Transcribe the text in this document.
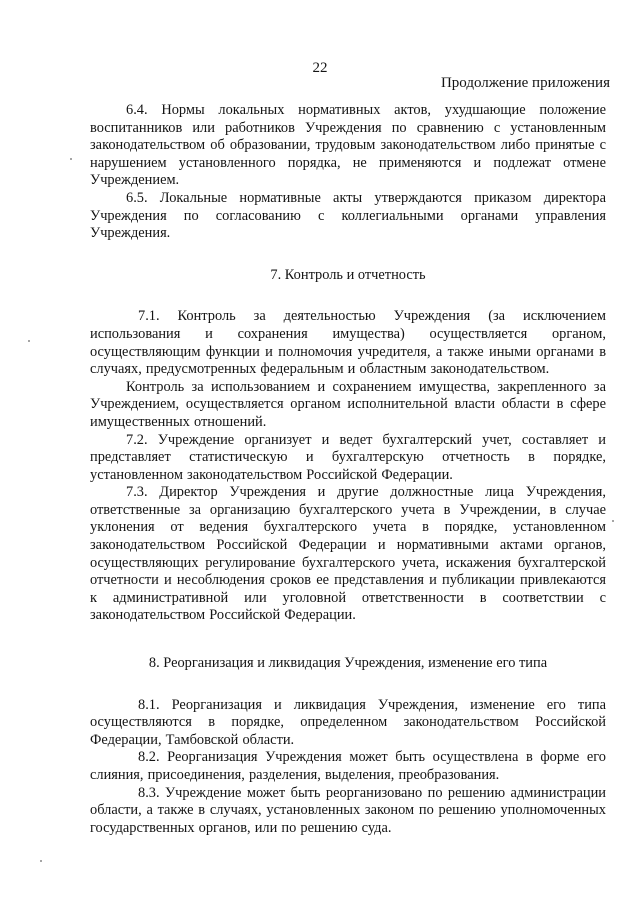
22
Продолжение приложения

6.4. Нормы локальных нормативных актов, ухудшающие положение воспитанников или работников Учреждения по сравнению с установленным законодательством об образовании, трудовым законодательством либо принятые с нарушением установленного порядка, не применяются и подлежат отмене Учреждением.

6.5. Локальные нормативные акты утверждаются приказом директора Учреждения по согласованию с коллегиальными органами управления Учреждения.

7. Контроль и отчетность

7.1. Контроль за деятельностью Учреждения (за исключением использования и сохранения имущества) осуществляется органом, осуществляющим функции и полномочия учредителя, а также иными органами в случаях, предусмотренных федеральным и областным законодательством.

Контроль за использованием и сохранением имущества, закрепленного за Учреждением, осуществляется органом исполнительной власти области в сфере имущественных отношений.

7.2. Учреждение организует и ведет бухгалтерский учет, составляет и представляет статистическую и бухгалтерскую отчетность в порядке, установленном законодательством Российской Федерации.

7.3. Директор Учреждения и другие должностные лица Учреждения, ответственные за организацию бухгалтерского учета в Учреждении, в случае уклонения от ведения бухгалтерского учета в порядке, установленном законодательством Российской Федерации и нормативными актами органов, осуществляющих регулирование бухгалтерского учета, искажения бухгалтерской отчетности и несоблюдения сроков ее представления и публикации привлекаются к административной или уголовной ответственности в соответствии с законодательством Российской Федерации.

8. Реорганизация и ликвидация Учреждения, изменение его типа

8.1. Реорганизация и ликвидация Учреждения, изменение его типа осуществляются в порядке, определенном законодательством Российской Федерации, Тамбовской области.

8.2. Реорганизация Учреждения может быть осуществлена в форме его слияния, присоединения, разделения, выделения, преобразования.

8.3. Учреждение может быть реорганизовано по решению администрации области, а также в случаях, установленных законом по решению уполномоченных государственных органов, или по решению суда.
